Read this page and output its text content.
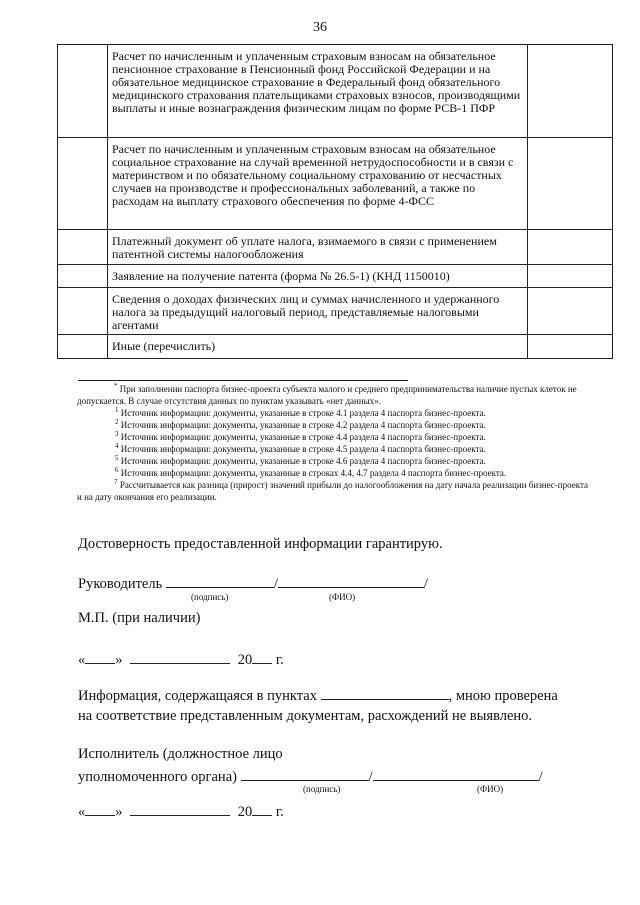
36
	Расчет по начисленным и уплаченным страховым взносам на обязательное пенсионное страхование в Пенсионный фонд Российской Федерации и на обязательное медицинское страхование в Федеральный фонд обязательного медицинского страхования плательщиками страховых взносов, производящими выплаты и иные вознаграждения физическим лицам по форме РСВ-1 ПФР	
	Расчет по начисленным и уплаченным страховым взносам на обязательное социальное страхование на случай временной нетрудоспособности и в связи с материнством и по обязательному социальному страхованию от несчастных случаев на производстве и профессиональных заболеваний, а также по расходам на выплату страхового обеспечения по форме 4-ФСС	
	Платежный документ об уплате налога, взимаемого в связи с применением патентной системы налогообложения	
	Заявление на получение патента (форма № 26.5-1) (КНД 1150010)	
	Сведения о доходах физических лиц и суммах начисленного и удержанного налога за предыдущий налоговый период, представляемые налоговыми агентами	
	Иные (перечислить)	

* При заполнении паспорта бизнес-проекта субъекта малого и среднего предпринимательства наличие пустых клеток не допускается. В случае отсутствия данных по пунктам указывать «нет данных».

$^1$ Источник информации: документы, указанные в строке 4.1 раздела 4 паспорта бизнес-проекта.

$^2$ Источник информации: документы, указанные в строке 4.2 раздела 4 паспорта бизнес-проекта.

$^3$ Источник информации: документы, указанные в строке 4.4 раздела 4 паспорта бизнес-проекта.

$^4$ Источник информации: документы, указанные в строке 4.5 раздела 4 паспорта бизнес-проекта.

$^5$ Источник информации: документы, указанные в строке 4.6 раздела 4 паспорта бизнес-проекта.

$^6$ Источник информации: документы, указанные в строках 4.4, 4.7 раздела 4 паспорта бизнес-проекта.

$^7$ Рассчитывается как разница (прирост) значений прибыли до налогообложения на дату начала реализации бизнес-проекта и на дату окончания его реализации.

Достоверность предоставленной информации гарантирую.
Руководитель	/	/
(подпись)	(ФИО)
М.П. (при наличии)
« »	20 г.
Информация, содержащаяся в пунктах	, мною проверена
на соответствие представленным документам, расхождений не выявлено.
Исполнитель (должностное лицо
уполномоченного органа)	/	/
(подпись)	(ФИО)
« »	20 г.
